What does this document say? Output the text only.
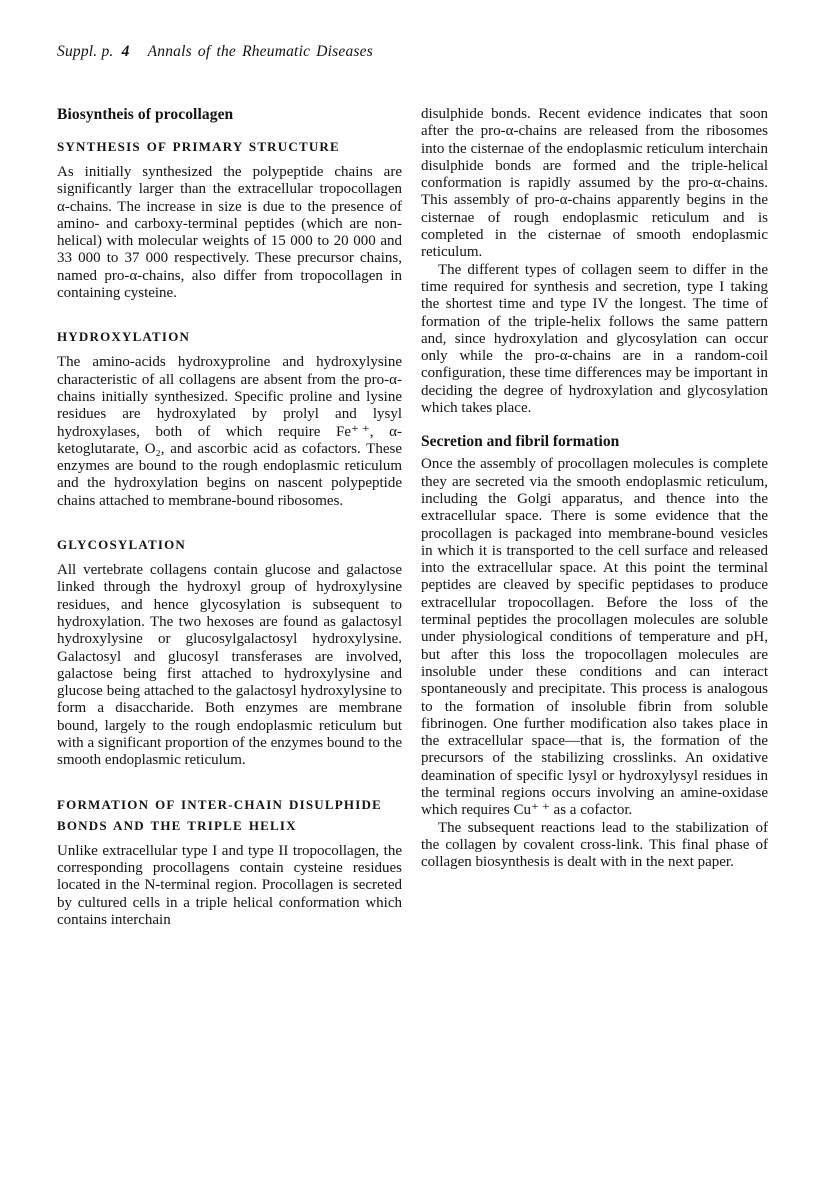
Suppl. p. 4 Annals of the Rheumatic Diseases
Biosyntheis of procollagen
SYNTHESIS OF PRIMARY STRUCTURE

As initially synthesized the polypeptide chains are significantly larger than the extracellular tropocollagen α-chains. The increase in size is due to the presence of amino- and carboxy-terminal peptides (which are non-helical) with molecular weights of 15 000 to 20 000 and 33 000 to 37 000 respectively. These precursor chains, named pro-α-chains, also differ from tropocollagen in containing cysteine.

HYDROXYLATION

The amino-acids hydroxyproline and hydroxylysine characteristic of all collagens are absent from the pro-α-chains initially synthesized. Specific proline and lysine residues are hydroxylated by prolyl and lysyl hydroxylases, both of which require Fe⁺ ⁺, α-ketoglutarate, O₂, and ascorbic acid as cofactors. These enzymes are bound to the rough endoplasmic reticulum and the hydroxylation begins on nascent polypeptide chains attached to membrane-bound ribosomes.

GLYCOSYLATION

All vertebrate collagens contain glucose and galactose linked through the hydroxyl group of hydroxylysine residues, and hence glycosylation is subsequent to hydroxylation. The two hexoses are found as galactosyl hydroxylysine or glucosylgalactosyl hydroxylysine. Galactosyl and glucosyl transferases are involved, galactose being first attached to hydroxylysine and glucose being attached to the galactosyl hydroxylysine to form a disaccharide. Both enzymes are membrane bound, largely to the rough endoplasmic reticulum but with a significant proportion of the enzymes bound to the smooth endoplasmic reticulum.

FORMATION OF INTER-CHAIN DISULPHIDE BONDS AND THE TRIPLE HELIX

Unlike extracellular type I and type II tropocollagen, the corresponding procollagens contain cysteine residues located in the N-terminal region. Procollagen is secreted by cultured cells in a triple helical conformation which contains interchain

disulphide bonds. Recent evidence indicates that soon after the pro-α-chains are released from the ribosomes into the cisternae of the endoplasmic reticulum interchain disulphide bonds are formed and the triple-helical conformation is rapidly assumed by the pro-α-chains. This assembly of pro-α-chains apparently begins in the cisternae of rough endoplasmic reticulum and is completed in the cisternae of smooth endoplasmic reticulum.

The different types of collagen seem to differ in the time required for synthesis and secretion, type I taking the shortest time and type IV the longest. The time of formation of the triple-helix follows the same pattern and, since hydroxylation and glycosylation can occur only while the pro-α-chains are in a random-coil configuration, these time differences may be important in deciding the degree of hydroxylation and glycosylation which takes place.

Secretion and fibril formation

Once the assembly of procollagen molecules is complete they are secreted via the smooth endoplasmic reticulum, including the Golgi apparatus, and thence into the extracellular space. There is some evidence that the procollagen is packaged into membrane-bound vesicles in which it is transported to the cell surface and released into the extracellular space. At this point the terminal peptides are cleaved by specific peptidases to produce extracellular tropocollagen. Before the loss of the terminal peptides the procollagen molecules are soluble under physiological conditions of temperature and pH, but after this loss the tropocollagen molecules are insoluble under these conditions and can interact spontaneously and precipitate. This process is analogous to the formation of insoluble fibrin from soluble fibrinogen. One further modification also takes place in the extracellular space—that is, the formation of the precursors of the stabilizing crosslinks. An oxidative deamination of specific lysyl or hydroxylysyl residues in the terminal regions occurs involving an amine-oxidase which requires Cu⁺ ⁺ as a cofactor.

The subsequent reactions lead to the stabilization of the collagen by covalent cross-link. This final phase of collagen biosynthesis is dealt with in the next paper.
